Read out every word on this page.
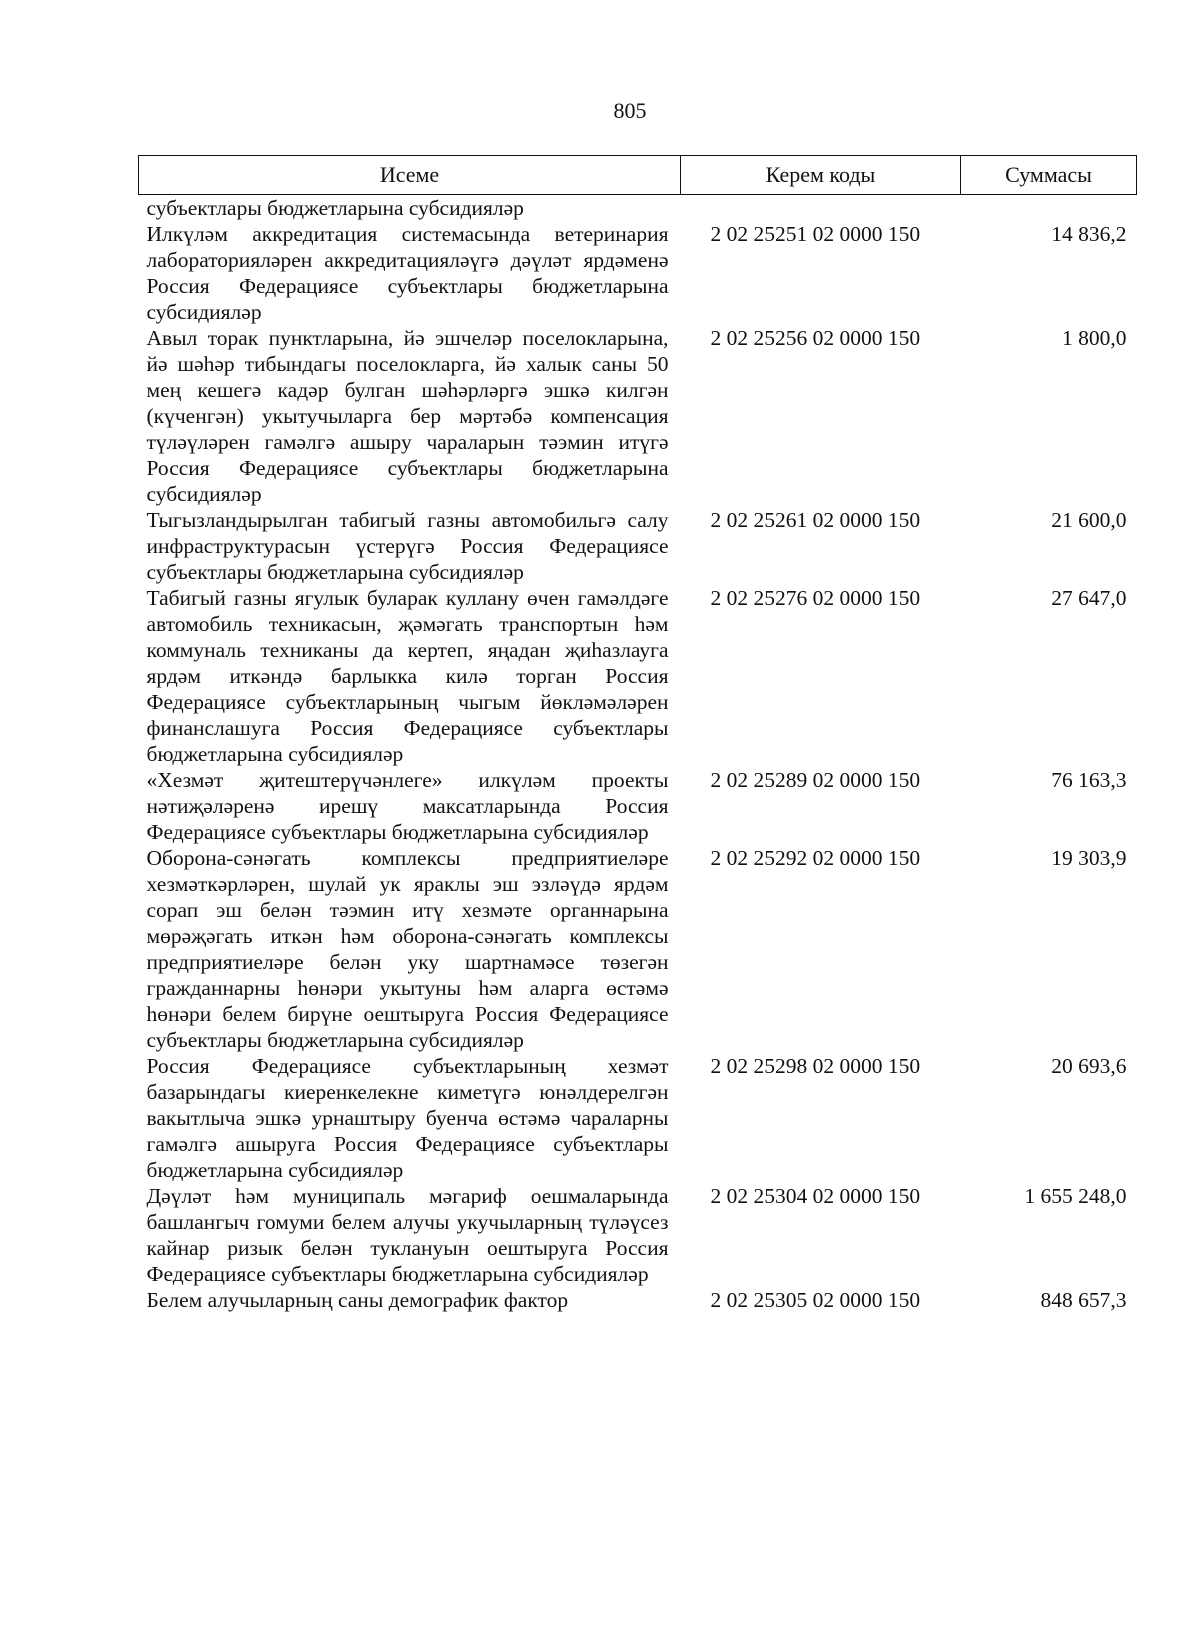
805
Исеме	Керем коды	Суммасы
субъектлары бюджетларына субсидияләр		
Илкүләм аккредитация системасында ветеринария лабораторияләрен аккредитацияләүгә дәүләт ярдәменә Россия Федерациясе субъектлары бюджетларына субсидияләр	2 02 25251 02 0000 150	14 836,2
Авыл торак пунктларына, йә эшчеләр поселокларына, йә шәһәр тибындагы поселокларга, йә халык саны 50 мең кешегә кадәр булган шәһәрләргә эшкә килгән (күченгән) укытучыларга бер мәртәбә компенсация түләүләрен гамәлгә ашыру чараларын тәэмин итүгә Россия Федерациясе субъектлары бюджетларына субсидияләр	2 02 25256 02 0000 150	1 800,0
Тыгызландырылган табигый газны автомобильгә салу инфраструктурасын үстерүгә Россия Федерациясе субъектлары бюджетларына субсидияләр	2 02 25261 02 0000 150	21 600,0
Табигый газны ягулык буларак куллану өчен гамәлдәге автомобиль техникасын, җәмәгать транспортын һәм коммуналь техниканы да кертеп, яңадан җиһазлауга ярдәм иткәндә барлыкка килә торган Россия Федерациясе субъектларының чыгым йөкләмәләрен финанслашуга Россия Федерациясе субъектлары бюджетларына субсидияләр	2 02 25276 02 0000 150	27 647,0
«Хезмәт җитештерүчәнлеге» илкүләм проекты нәтиҗәләренә ирешү максатларында Россия Федерациясе субъектлары бюджетларына субсидияләр	2 02 25289 02 0000 150	76 163,3
Оборона-сәнәгать комплексы предприятиеләре хезмәткәрләрен, шулай ук яраклы эш эзләүдә ярдәм сорап эш белән тәэмин итү хезмәте органнарына мөрәҗәгать иткән һәм оборона-сәнәгать комплексы предприятиеләре белән уку шартнамәсе төзегән гражданнарны һөнәри укытуны һәм аларга өстәмә һөнәри белем бирүне оештыруга Россия Федерациясе субъектлары бюджетларына субсидияләр	2 02 25292 02 0000 150	19 303,9
Россия Федерациясе субъектларының хезмәт базарындагы киеренкелекне киметүгә юнәлдерелгән вакытлыча эшкә урнаштыру буенча өстәмә чараларны гамәлгә ашыруга Россия Федерациясе субъектлары бюджетларына субсидияләр	2 02 25298 02 0000 150	20 693,6
Дәүләт һәм муниципаль мәгариф оешмаларында башлангыч гомуми белем алучы укучыларның түләүсез кайнар ризык белән туклануын оештыруга Россия Федерациясе субъектлары бюджетларына субсидияләр	2 02 25304 02 0000 150	1 655 248,0
Белем алучыларның саны демографик фактор	2 02 25305 02 0000 150	848 657,3
